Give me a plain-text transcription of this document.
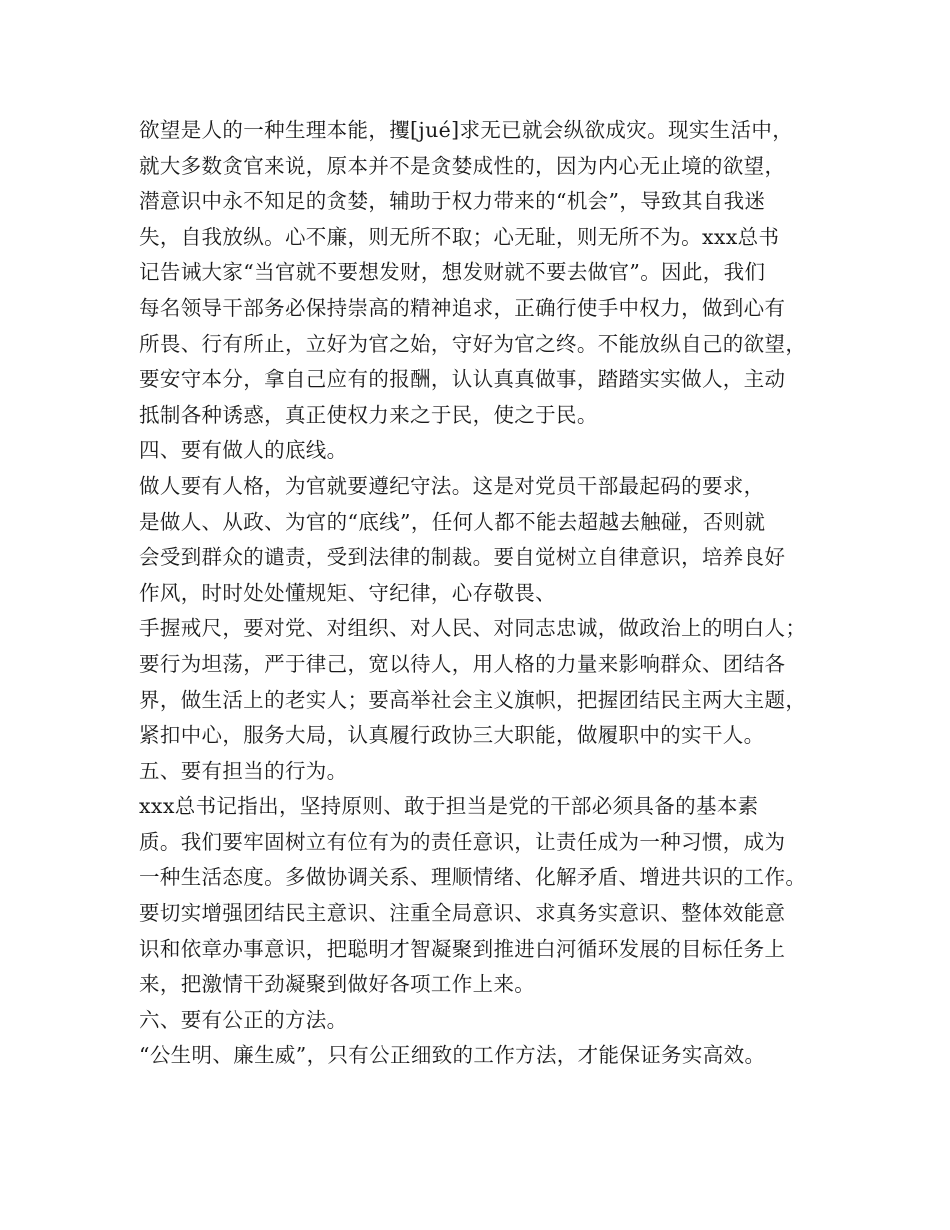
欲望是人的一种生理本能，攫[jué]求无已就会纵欲成灾。现实生活中，
就大多数贪官来说，原本并不是贪婪成性的，因为内心无止境的欲望，
潜意识中永不知足的贪婪，辅助于权力带来的“机会”，导致其自我迷
失，自我放纵。心不廉，则无所不取；心无耻，则无所不为。xxx总书
记告诫大家“当官就不要想发财，想发财就不要去做官”。因此，我们
每名领导干部务必保持崇高的精神追求，正确行使手中权力，做到心有
所畏、行有所止，立好为官之始，守好为官之终。不能放纵自己的欲望，
要安守本分，拿自己应有的报酬，认认真真做事，踏踏实实做人，主动
抵制各种诱惑，真正使权力来之于民，使之于民。
四、要有做人的底线。
做人要有人格，为官就要遵纪守法。这是对党员干部最起码的要求，
是做人、从政、为官的“底线”，任何人都不能去超越去触碰，否则就
会受到群众的谴责，受到法律的制裁。要自觉树立自律意识，培养良好
作风，时时处处懂规矩、守纪律，心存敬畏、
手握戒尺，要对党、对组织、对人民、对同志忠诚，做政治上的明白人；
要行为坦荡，严于律己，宽以待人，用人格的力量来影响群众、团结各
界，做生活上的老实人；要高举社会主义旗帜，把握团结民主两大主题，
紧扣中心，服务大局，认真履行政协三大职能，做履职中的实干人。
五、要有担当的行为。
xxx总书记指出，坚持原则、敢于担当是党的干部必须具备的基本素
质。我们要牢固树立有位有为的责任意识，让责任成为一种习惯，成为
一种生活态度。多做协调关系、理顺情绪、化解矛盾、增进共识的工作。
要切实增强团结民主意识、注重全局意识、求真务实意识、整体效能意
识和依章办事意识，把聪明才智凝聚到推进白河循环发展的目标任务上
来，把激情干劲凝聚到做好各项工作上来。
六、要有公正的方法。
“公生明、廉生威”，只有公正细致的工作方法，才能保证务实高效。
